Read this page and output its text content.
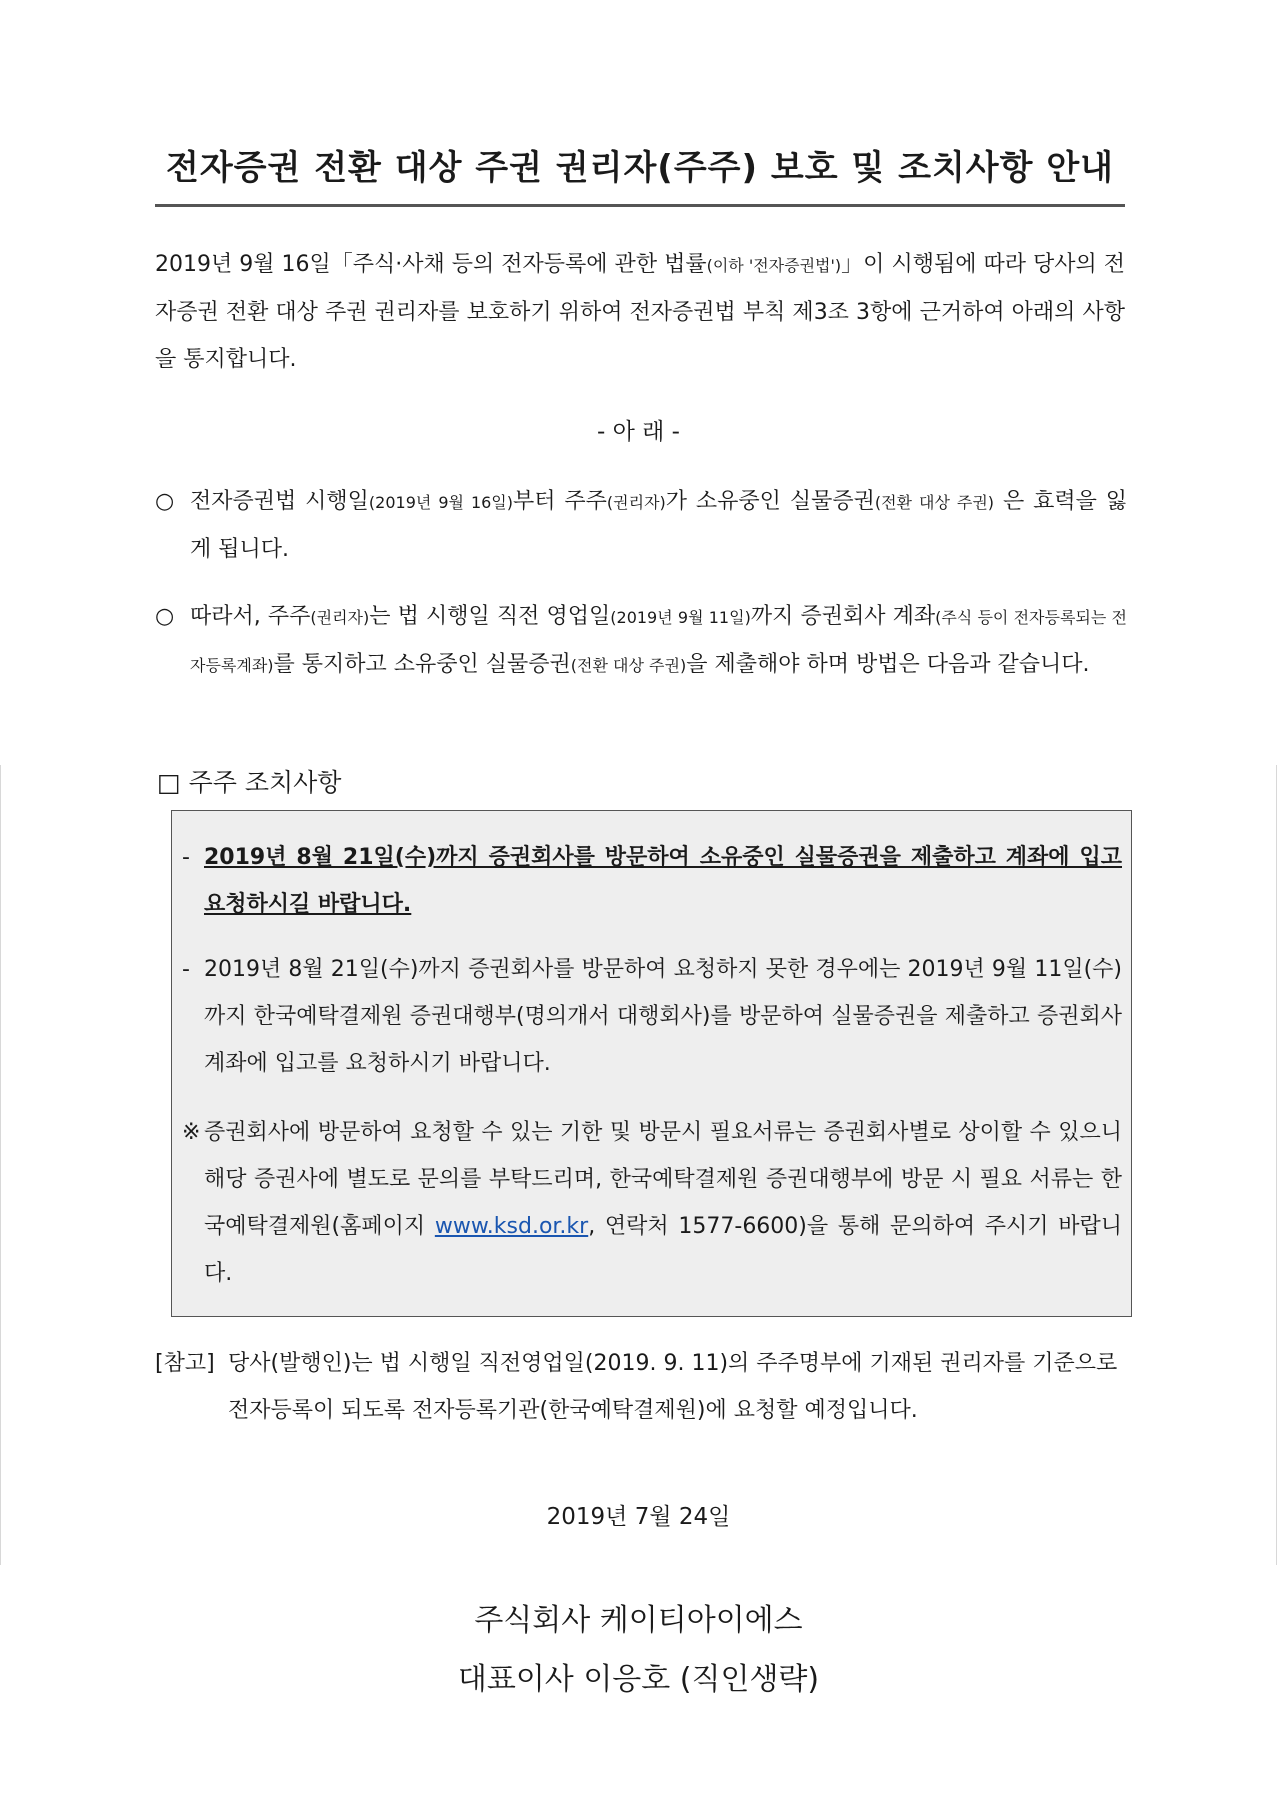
전자증권 전환 대상 주권 권리자(주주) 보호 및 조치사항 안내
2019년 9월 16일「주식·사채 등의 전자등록에 관한 법률(이하 '전자증권법')」이 시행됨에 따라 당사의 전자증권 전환 대상 주권 권리자를 보호하기 위하여 전자증권법 부칙 제3조 3항에 근거하여 아래의 사항을 통지합니다.
- 아 래 -
○ 전자증권법 시행일(2019년 9월 16일)부터 주주(권리자)가 소유중인 실물증권(전환 대상 주권) 은 효력을 잃게 됩니다.
○ 따라서, 주주(권리자)는 법 시행일 직전 영업일(2019년 9월 11일)까지 증권회사 계좌(주식 등이 전자등록되는 전자등록계좌)를 통지하고 소유중인 실물증권(전환 대상 주권)을 제출해야 하며 방법은 다음과 같습니다.
□ 주주 조치사항
- 2019년 8월 21일(수)까지 증권회사를 방문하여 소유중인 실물증권을 제출하고 계좌에 입고 요청하시길 바랍니다.
- 2019년 8월 21일(수)까지 증권회사를 방문하여 요청하지 못한 경우에는 2019년 9월 11일(수)까지 한국예탁결제원 증권대행부(명의개서 대행회사)를 방문하여 실물증권을 제출하고 증권회사 계좌에 입고를 요청하시기 바랍니다.
※ 증권회사에 방문하여 요청할 수 있는 기한 및 방문시 필요서류는 증권회사별로 상이할 수 있으니 해당 증권사에 별도로 문의를 부탁드리며, 한국예탁결제원 증권대행부에 방문 시 필요 서류는 한국예탁결제원(홈페이지 www.ksd.or.kr, 연락처 1577-6600)을 통해 문의하여 주시기 바랍니다.
[참고] 당사(발행인)는 법 시행일 직전영업일(2019. 9. 11)의 주주명부에 기재된 권리자를 기준으로 전자등록이 되도록 전자등록기관(한국예탁결제원)에 요청할 예정입니다.
2019년 7월 24일
주식회사 케이티아이에스
대표이사 이응호 (직인생략)
